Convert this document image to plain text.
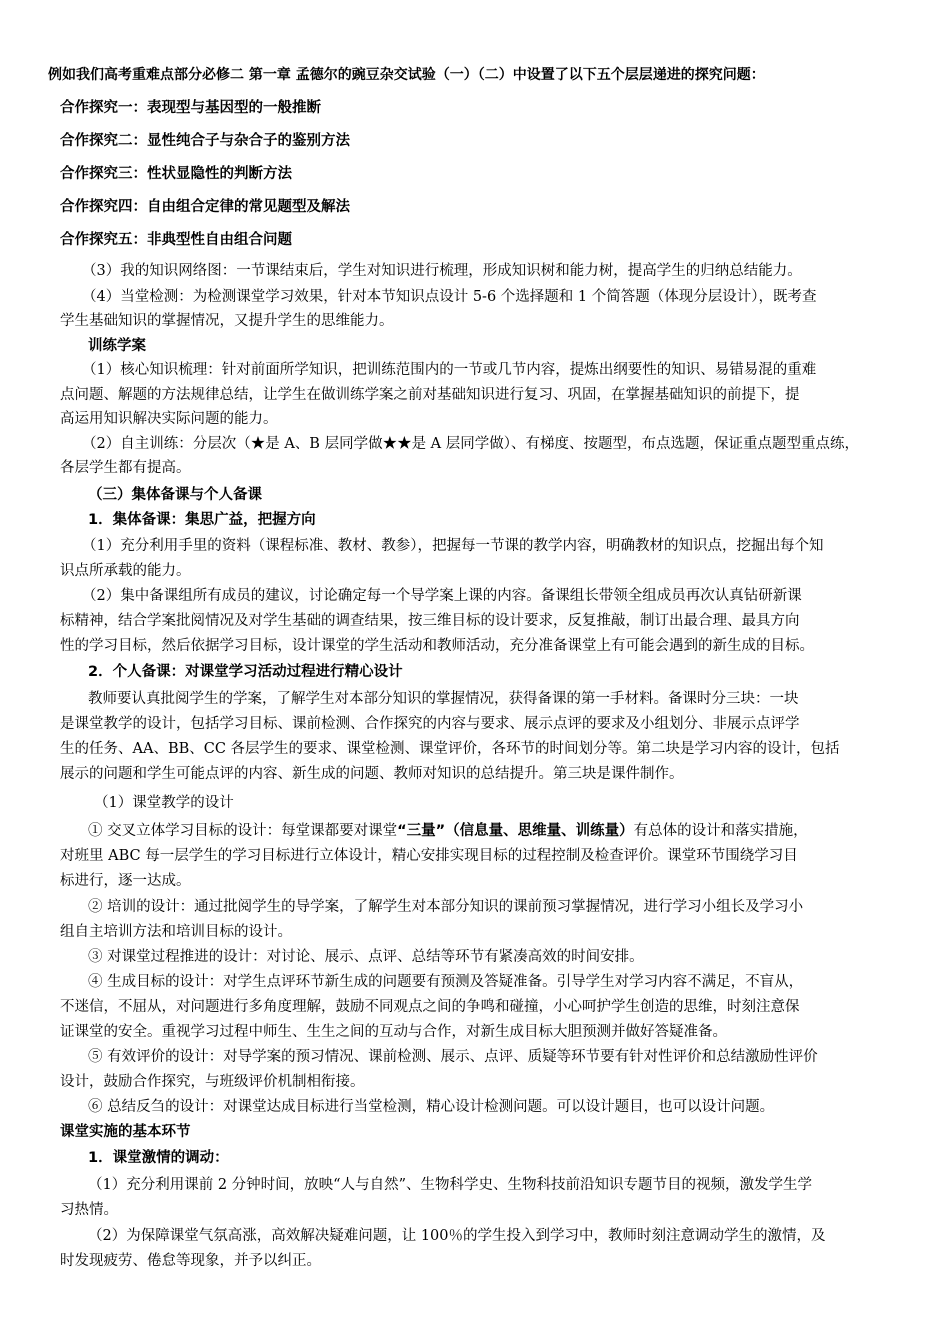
例如我们高考重难点部分必修二 第一章 孟德尔的豌豆杂交试验（一）（二）中设置了以下五个层层递进的探究问题：
合作探究一：表现型与基因型的一般推断
合作探究二：显性纯合子与杂合子的鉴别方法
合作探究三：性状显隐性的判断方法
合作探究四：自由组合定律的常见题型及解法
合作探究五：非典型性自由组合问题
（3）我的知识网络图：一节课结束后，学生对知识进行梳理，形成知识树和能力树，提高学生的归纳总结能力。
（4）当堂检测：为检测课堂学习效果，针对本节知识点设计 5-6 个选择题和 1 个简答题（体现分层设计），既考查
学生基础知识的掌握情况，又提升学生的思维能力。
训练学案
（1）核心知识梳理：针对前面所学知识，把训练范围内的一节或几节内容，提炼出纲要性的知识、易错易混的重难
点问题、解题的方法规律总结，让学生在做训练学案之前对基础知识进行复习、巩固，在掌握基础知识的前提下，提
高运用知识解决实际问题的能力。
（2）自主训练：分层次（★是 A、B 层同学做★★是 A 层同学做）、有梯度、按题型，布点选题，保证重点题型重点练，
各层学生都有提高。
（三）集体备课与个人备课
1．集体备课：集思广益，把握方向
（1）充分利用手里的资料（课程标准、教材、教参），把握每一节课的教学内容，明确教材的知识点，挖掘出每个知
识点所承载的能力。
（2）集中备课组所有成员的建议，讨论确定每一个导学案上课的内容。备课组长带领全组成员再次认真钻研新课
标精神，结合学案批阅情况及对学生基础的调查结果，按三维目标的设计要求，反复推敲，制订出最合理、最具方向
性的学习目标，然后依据学习目标，设计课堂的学生活动和教师活动，充分准备课堂上有可能会遇到的新生成的目标。
2．个人备课：对课堂学习活动过程进行精心设计
教师要认真批阅学生的学案，了解学生对本部分知识的掌握情况，获得备课的第一手材料。备课时分三块：一块
是课堂教学的设计，包括学习目标、课前检测、合作探究的内容与要求、展示点评的要求及小组划分、非展示点评学
生的任务、AA、BB、CC 各层学生的要求、课堂检测、课堂评价，各环节的时间划分等。第二块是学习内容的设计，包括
展示的问题和学生可能点评的内容、新生成的问题、教师对知识的总结提升。第三块是课件制作。
（1）课堂教学的设计
① 交叉立体学习目标的设计：每堂课都要对课堂“三量”（信息量、思维量、训练量）有总体的设计和落实措施，
对班里 ABC 每一层学生的学习目标进行立体设计，精心安排实现目标的过程控制及检查评价。课堂环节围绕学习目
标进行，逐一达成。
② 培训的设计：通过批阅学生的导学案，了解学生对本部分知识的课前预习掌握情况，进行学习小组长及学习小
组自主培训方法和培训目标的设计。
③ 对课堂过程推进的设计：对讨论、展示、点评、总结等环节有紧凑高效的时间安排。
④ 生成目标的设计：对学生点评环节新生成的问题要有预测及答疑准备。引导学生对学习内容不满足，不盲从，
不迷信，不屈从，对问题进行多角度理解，鼓励不同观点之间的争鸣和碰撞，小心呵护学生创造的思维，时刻注意保
证课堂的安全。重视学习过程中师生、生生之间的互动与合作，对新生成目标大胆预测并做好答疑准备。
⑤ 有效评价的设计：对导学案的预习情况、课前检测、展示、点评、质疑等环节要有针对性评价和总结激励性评价
设计，鼓励合作探究，与班级评价机制相衔接。
⑥ 总结反刍的设计：对课堂达成目标进行当堂检测，精心设计检测问题。可以设计题目，也可以设计问题。
课堂实施的基本环节
1．课堂激情的调动：
（1）充分利用课前 2 分钟时间，放映“人与自然”、生物科学史、生物科技前沿知识专题节目的视频，激发学生学
习热情。
（2）为保障课堂气氛高涨，高效解决疑难问题，让 100％的学生投入到学习中，教师时刻注意调动学生的激情，及
时发现疲劳、倦怠等现象，并予以纠正。
